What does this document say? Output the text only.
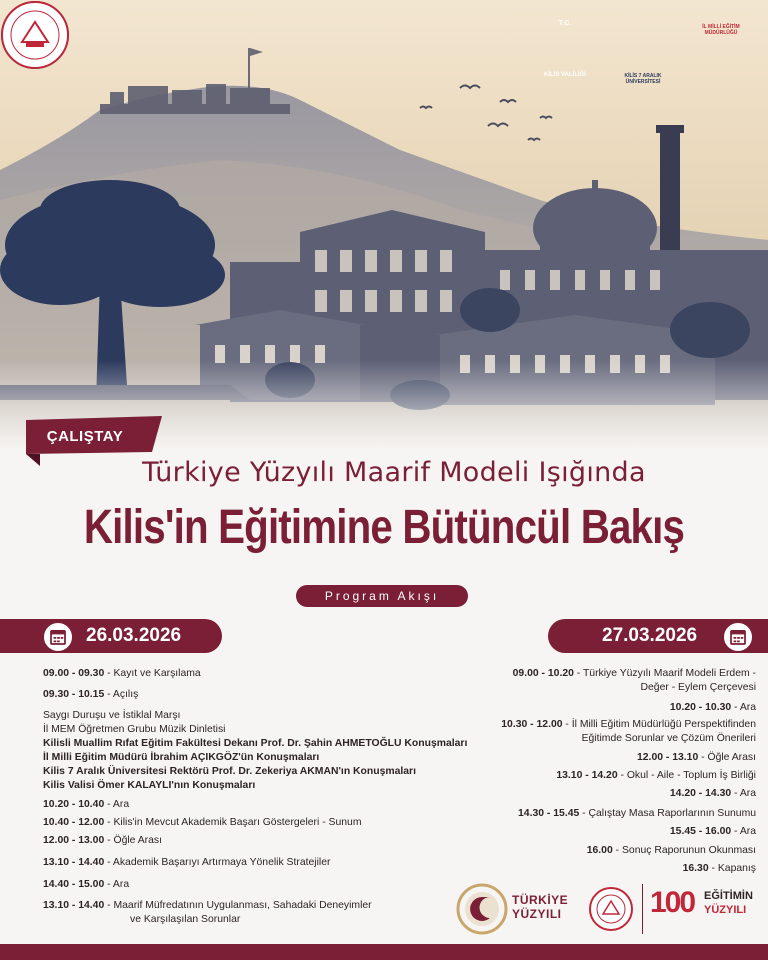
T.C.
KİLİS VALİLİĞİ	KİLİS 7 ARALIK ÜNİVERSİTESİ
İL MİLLİ EĞİTİM MÜDÜRLÜĞÜ
ÇALIŞTAY
Türkiye Yüzyılı Maarif Modeli Işığında
Kilis'in Eğitimine Bütüncül Bakış
Program Akışı
26.03.2026	27.03.2026
09.00 - 09.30 - Kayıt ve Karşılama
09.30 - 10.15 - Açılış
Saygı Duruşu ve İstiklal Marşı
İl MEM Öğretmen Grubu Müzik Dinletisi
Kilisli Muallim Rıfat Eğitim Fakültesi Dekanı Prof. Dr. Şahin AHMETOĞLU Konuşmaları
İl Milli Eğitim Müdürü İbrahim AÇIKGÖZ'ün Konuşmaları
Kilis 7 Aralık Üniversitesi Rektörü Prof. Dr. Zekeriya AKMAN'ın Konuşmaları
Kilis Valisi Ömer KALAYLI'nın Konuşmaları
10.20 - 10.40 - Ara
10.40 - 12.00 - Kilis'in Mevcut Akademik Başarı Göstergeleri - Sunum
12.00 - 13.00 - Öğle Arası
13.10 - 14.40 - Akademik Başarıyı Artırmaya Yönelik Stratejiler
14.40 - 15.00 - Ara
13.10 - 14.40 - Maarif Müfredatının Uygulanması, Sahadaki Deneyimler
ve Karşılaşılan Sorunlar
09.00 - 10.20 - Türkiye Yüzyılı Maarif Modeli Erdem -
Değer - Eylem Çerçevesi
10.20 - 10.30 - Ara
10.30 - 12.00 - İl Milli Eğitim Müdürlüğü Perspektifinden
Eğitimde Sorunlar ve Çözüm Önerileri
12.00 - 13.10 - Öğle Arası
13.10 - 14.20 - Okul - Aile - Toplum İş Birliği
14.20 - 14.30 - Ara
14.30 - 15.45 - Çalıştay Masa Raporlarının Sunumu
15.45 - 16.00 - Ara
16.00 - Sonuç Raporunun Okunması
16.30 - Kapanış
TÜRKİYE
YÜZYILI	100 EĞİTİMİN
YÜZYILI
